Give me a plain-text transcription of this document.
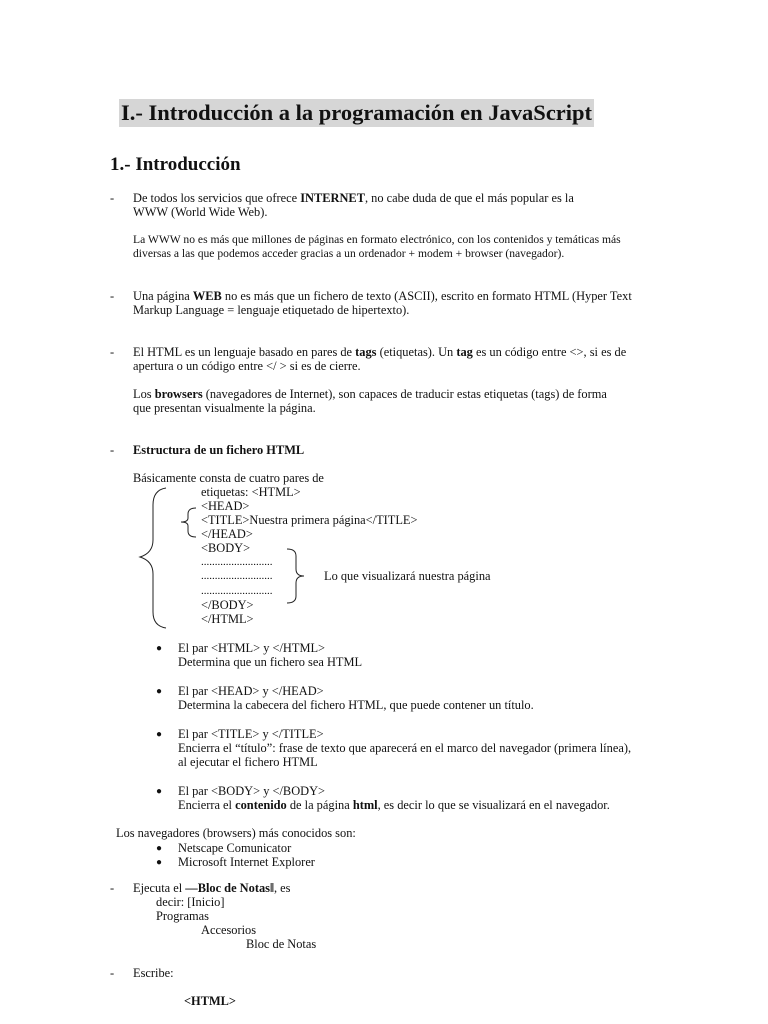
I.- Introducción a la programación en JavaScript
1.- Introducción
- De todos los servicios que ofrece INTERNET, no cabe duda de que el más popular es la
WWW (World Wide Web).
La WWW no es más que millones de páginas en formato electrónico, con los contenidos y temáticas más
diversas a las que podemos acceder gracias a un ordenador + modem + browser (navegador).
- Una página WEB no es más que un fichero de texto (ASCII), escrito en formato HTML (Hyper Text
Markup Language = lenguaje etiquetado de hipertexto).
- El HTML es un lenguaje basado en pares de tags (etiquetas). Un tag es un código entre <>, si es de
apertura o un código entre </ > si es de cierre.
Los browsers (navegadores de Internet), son capaces de traducir estas etiquetas (tags) de forma
que presentan visualmente la página.
- Estructura de un fichero HTML
Básicamente consta de cuatro pares de
etiquetas: <HTML>
<HEAD>
<TITLE>Nuestra primera página</TITLE>
</HEAD>
<BODY>
..........................
..........................
..........................
</BODY>
</HTML>
Lo que visualizará nuestra página
● El par <HTML> y </HTML>
Determina que un fichero sea HTML
● El par <HEAD> y </HEAD>
Determina la cabecera del fichero HTML, que puede contener un título.
● El par <TITLE> y </TITLE>
Encierra el “título”: frase de texto que aparecerá en el marco del navegador (primera línea),
al ejecutar el fichero HTML
● El par <BODY> y </BODY>
Encierra el contenido de la página html, es decir lo que se visualizará en el navegador.
Los navegadores (browsers) más conocidos son:
● Netscape Comunicator
● Microsoft Internet Explorer
- Ejecuta el ―Bloc de Notas‖, es
decir: [Inicio]
Programas
Accesorios
Bloc de Notas
- Escribe:
<HTML>
